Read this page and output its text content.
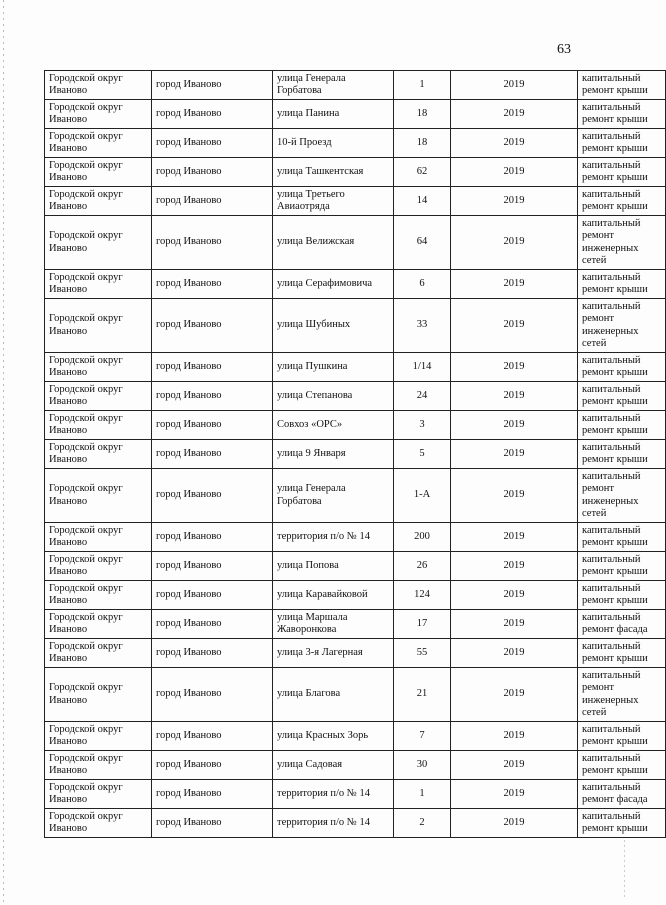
63
Городской округ Иваново	город Иваново	улица Генерала Горбатова	1	2019	капитальный ремонт крыши
Городской округ Иваново	город Иваново	улица Панина	18	2019	капитальный ремонт крыши
Городской округ Иваново	город Иваново	10-й Проезд	18	2019	капитальный ремонт крыши
Городской округ Иваново	город Иваново	улица Ташкентская	62	2019	капитальный ремонт крыши
Городской округ Иваново	город Иваново	улица Третьего Авиаотряда	14	2019	капитальный ремонт крыши
Городской округ Иваново	город Иваново	улица Велижская	64	2019	капитальный ремонт инженерных сетей
Городской округ Иваново	город Иваново	улица Серафимовича	6	2019	капитальный ремонт крыши
Городской округ Иваново	город Иваново	улица Шубиных	33	2019	капитальный ремонт инженерных сетей
Городской округ Иваново	город Иваново	улица Пушкина	1/14	2019	капитальный ремонт крыши
Городской округ Иваново	город Иваново	улица Степанова	24	2019	капитальный ремонт крыши
Городской округ Иваново	город Иваново	Совхоз «ОРС»	3	2019	капитальный ремонт крыши
Городской округ Иваново	город Иваново	улица 9 Января	5	2019	капитальный ремонт крыши
Городской округ Иваново	город Иваново	улица Генерала Горбатова	1-А	2019	капитальный ремонт инженерных сетей
Городской округ Иваново	город Иваново	территория п/о № 14	200	2019	капитальный ремонт крыши
Городской округ Иваново	город Иваново	улица Попова	26	2019	капитальный ремонт крыши
Городской округ Иваново	город Иваново	улица Каравайковой	124	2019	капитальный ремонт крыши
Городской округ Иваново	город Иваново	улица Маршала Жаворонкова	17	2019	капитальный ремонт фасада
Городской округ Иваново	город Иваново	улица 3-я Лагерная	55	2019	капитальный ремонт крыши
Городской округ Иваново	город Иваново	улица Благова	21	2019	капитальный ремонт инженерных сетей
Городской округ Иваново	город Иваново	улица Красных Зорь	7	2019	капитальный ремонт крыши
Городской округ Иваново	город Иваново	улица Садовая	30	2019	капитальный ремонт крыши
Городской округ Иваново	город Иваново	территория п/о № 14	1	2019	капитальный ремонт фасада
Городской округ Иваново	город Иваново	территория п/о № 14	2	2019	капитальный ремонт крыши
